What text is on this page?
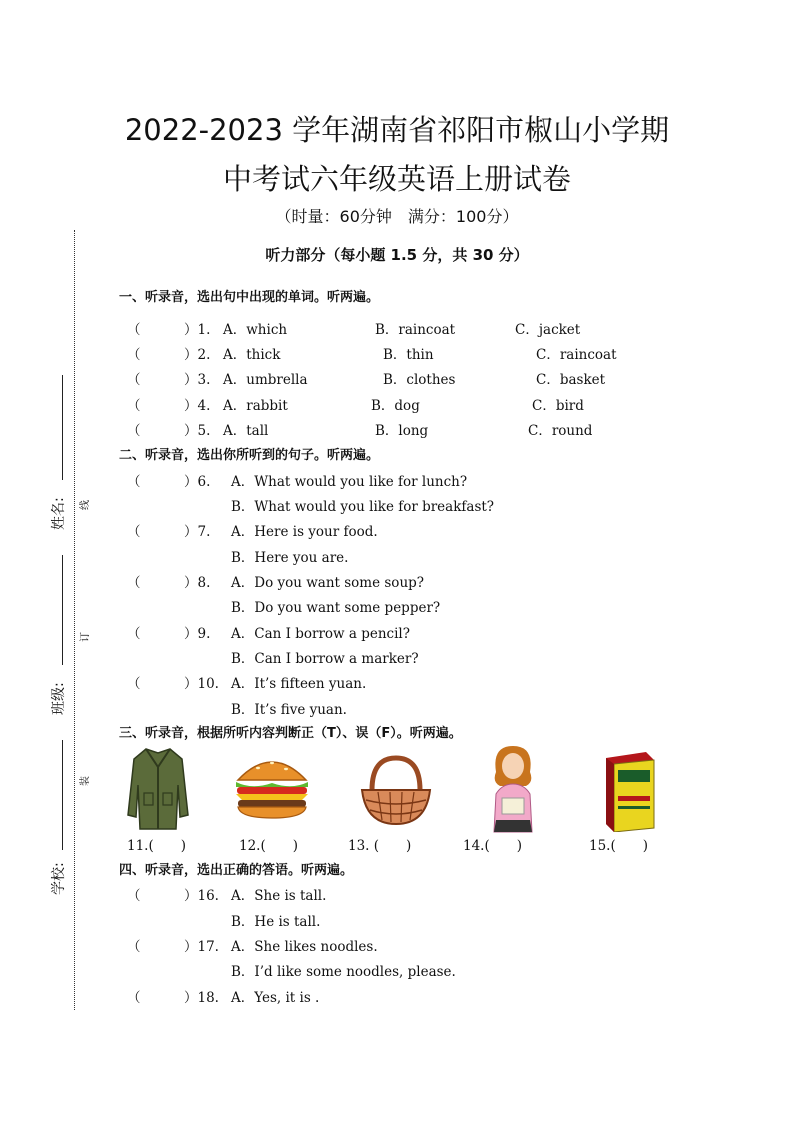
2022-2023 学年湖南省祁阳市椒山小学期
中考试六年级英语上册试卷
（时量：60分钟　满分：100分）
听力部分（每小题 1.5 分，共 30 分）
姓名:
班级:
学校:
线
订
装
一、听录音，选出句中出现的单词。听两遍。
（	）1. A．which	B．raincoat	C．jacket
（	）2. A．thick	B．thin	C．raincoat
（	）3. A．umbrella	B．clothes	C．basket
（	）4. A．rabbit	B．dog	C．bird
（	）5. A．tall	B．long	C．round
二、听录音，选出你所听到的句子。听两遍。
（	）6. A．What would you like for lunch?
B．What would you like for breakfast?
（	）7. A．Here is your food.
B．Here you are.
（	）8. A．Do you want some soup?
B．Do you want some pepper?
（	）9. A．Can I borrow a pencil?
B．Can I borrow a marker?
（	）10. A．It’s fifteen yuan.
B．It’s five yuan.
三、听录音，根据所听内容判断正（T）、误（F）。听两遍。
11.(　　)	12.(　　)	13. (　　)	14.(　　)	15.(　　)
四、听录音，选出正确的答语。听两遍。
（	）16. A．She is tall.
B．He is tall.
（	）17. A．She likes noodles.
B．I’d like some noodles, please.
（	）18. A．Yes, it is .
